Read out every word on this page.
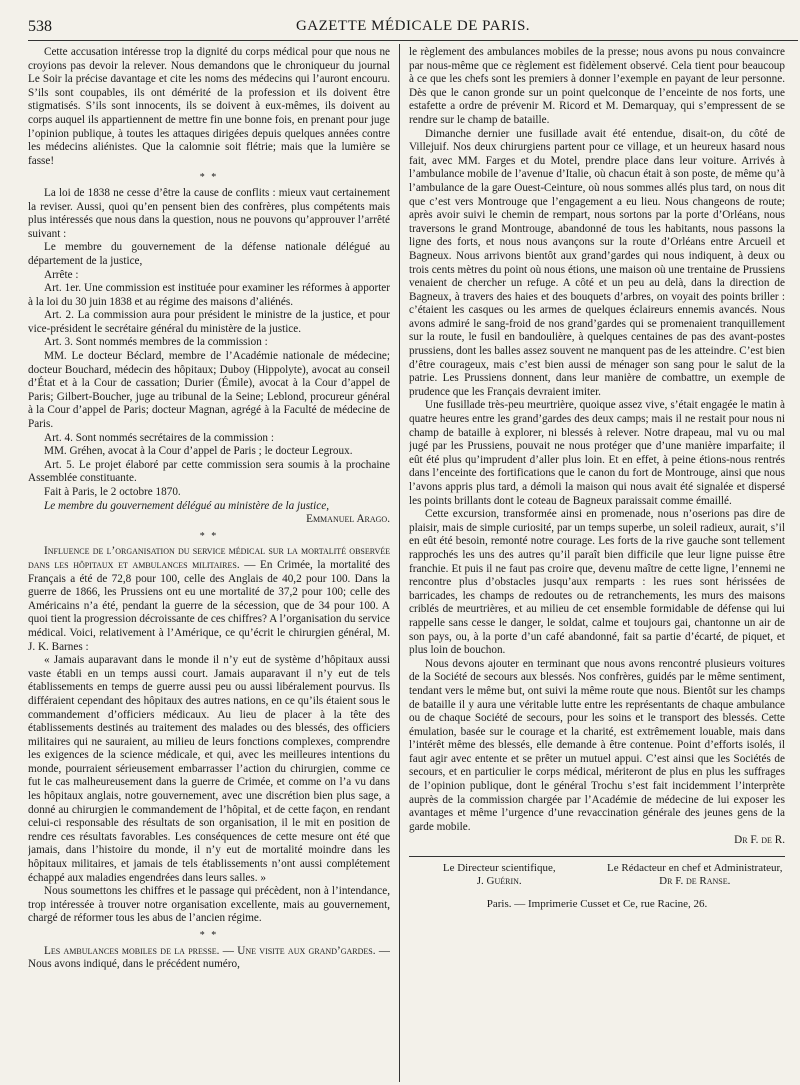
538	GAZETTE MÉDICALE DE PARIS.

Cette accusation intéresse trop la dignité du corps médical pour que nous ne croyions pas devoir la relever. Nous demandons que le chroniqueur du journal Le Soir la précise davantage et cite les noms des médecins qui l’auront encouru. S’ils sont coupables, ils ont démérité de la profession et ils doivent être stigmatisés. S’ils sont innocents, ils se doivent à eux-mêmes, ils doivent au corps auquel ils appartiennent de mettre fin une bonne fois, en prenant pour juge l’opinion publique, à toutes les attaques dirigées depuis quelques années contre les médecins aliénistes. Que la calomnie soit flétrie; mais que la lumière se fasse!

* *

La loi de 1838 ne cesse d’être la cause de conflits : mieux vaut certainement la reviser. Aussi, quoi qu’en pensent bien des confrères, plus compétents mais plus intéressés que nous dans la question, nous ne pouvons qu’approuver l’arrêté suivant :

Le membre du gouvernement de la défense nationale délégué au département de la justice,

Arrête :

Art. 1er. Une commission est instituée pour examiner les réformes à apporter à la loi du 30 juin 1838 et au régime des maisons d’aliénés.

Art. 2. La commission aura pour président le ministre de la justice, et pour vice-président le secrétaire général du ministère de la justice.

Art. 3. Sont nommés membres de la commission :

MM. Le docteur Béclard, membre de l’Académie nationale de médecine; docteur Bouchard, médecin des hôpitaux; Duboy (Hippolyte), avocat au conseil d’État et à la Cour de cassation; Durier (Émile), avocat à la Cour d’appel de Paris; Gilbert-Boucher, juge au tribunal de la Seine; Leblond, procureur général à la Cour d’appel de Paris; docteur Magnan, agrégé à la Faculté de médecine de Paris.

Art. 4. Sont nommés secrétaires de la commission :

MM. Gréhen, avocat à la Cour d’appel de Paris ; le docteur Legroux.

Art. 5. Le projet élaboré par cette commission sera soumis à la prochaine Assemblée constituante.

Fait à Paris, le 2 octobre 1870.

Le membre du gouvernement délégué au ministère de la justice,

Emmanuel Arago.

* *

Influence de l’organisation du service médical sur la mortalité observée dans les hôpitaux et ambulances militaires. — En Crimée, la mortalité des Français a été de 72,8 pour 100, celle des Anglais de 40,2 pour 100. Dans la guerre de 1866, les Prussiens ont eu une mortalité de 37,2 pour 100; celle des Américains n’a été, pendant la guerre de la sécession, que de 34 pour 100. A quoi tient la progression décroissante de ces chiffres? A l’organisation du service médical. Voici, relativement à l’Amérique, ce qu’écrit le chirurgien général, M. J. K. Barnes :

« Jamais auparavant dans le monde il n’y eut de système d’hôpitaux aussi vaste établi en un temps aussi court. Jamais auparavant il n’y eut de tels établissements en temps de guerre aussi peu ou aussi libéralement pourvus. Ils différaient cependant des hôpitaux des autres nations, en ce qu’ils étaient sous le commandement d’officiers médicaux. Au lieu de placer à la tête des établissements destinés au traitement des malades ou des blessés, des officiers militaires qui ne sauraient, au milieu de leurs fonctions complexes, comprendre les exigences de la science médicale, et qui, avec les meilleures intentions du monde, pourraient sérieusement embarrasser l’action du chirurgien, comme ce fut le cas malheureusement dans la guerre de Crimée, et comme on l’a vu dans les hôpitaux anglais, notre gouvernement, avec une discrétion bien plus sage, a donné au chirurgien le commandement de l’hôpital, et de cette façon, en rendant celui-ci responsable des résultats de son organisation, il le mit en position de rendre ces résultats favorables. Les conséquences de cette mesure ont été que jamais, dans l’histoire du monde, il n’y eut de mortalité moindre dans les hôpitaux militaires, et jamais de tels établissements n’ont aussi complétement échappé aux maladies engendrées dans leurs salles. »

Nous soumettons les chiffres et le passage qui précèdent, non à l’intendance, trop intéressée à trouver notre organisation excellente, mais au gouvernement, chargé de réformer tous les abus de l’ancien régime.

* *

Les ambulances mobiles de la presse. — Une visite aux grand’gardes. — Nous avons indiqué, dans le précédent numéro,

le règlement des ambulances mobiles de la presse; nous avons pu nous convaincre par nous-même que ce règlement est fidèlement observé. Cela tient pour beaucoup à ce que les chefs sont les premiers à donner l’exemple en payant de leur personne. Dès que le canon gronde sur un point quelconque de l’enceinte de nos forts, une estafette a ordre de prévenir M. Ricord et M. Demarquay, qui s’empressent de se rendre sur le champ de bataille.

Dimanche dernier une fusillade avait été entendue, disait-on, du côté de Villejuif. Nos deux chirurgiens partent pour ce village, et un heureux hasard nous fait, avec MM. Farges et du Motel, prendre place dans leur voiture. Arrivés à l’ambulance mobile de l’avenue d’Italie, où chacun était à son poste, de même qu’à l’ambulance de la gare Ouest-Ceinture, où nous sommes allés plus tard, on nous dit que c’est vers Montrouge que l’engagement a eu lieu. Nous changeons de route; après avoir suivi le chemin de rempart, nous sortons par la porte d’Orléans, nous traversons le grand Montrouge, abandonné de tous les habitants, nous passons la ligne des forts, et nous nous avançons sur la route d’Orléans entre Arcueil et Bagneux. Nous arrivons bientôt aux grand’gardes qui nous indiquent, à deux ou trois cents mètres du point où nous étions, une maison où une trentaine de Prussiens venaient de chercher un refuge. A côté et un peu au delà, dans la direction de Bagneux, à travers des haies et des bouquets d’arbres, on voyait des points briller : c’étaient les casques ou les armes de quelques éclaireurs ennemis avancés. Nous avons admiré le sang-froid de nos grand’gardes qui se promenaient tranquillement sur la route, le fusil en bandoulière, à quelques centaines de pas des avant-postes prussiens, dont les balles assez souvent ne manquent pas de les atteindre. C’est bien d’être courageux, mais c’est bien aussi de ménager son sang pour le salut de la patrie. Les Prussiens donnent, dans leur manière de combattre, un exemple de prudence que les Français devraient imiter.

Une fusillade très-peu meurtrière, quoique assez vive, s’était engagée le matin à quatre heures entre les grand’gardes des deux camps; mais il ne restait pour nous ni champ de bataille à explorer, ni blessés à relever. Notre drapeau, mal vu ou mal jugé par les Prussiens, pouvait ne nous protéger que d’une manière imparfaite; il eût été plus qu’imprudent d’aller plus loin. Et en effet, à peine étions-nous rentrés dans l’enceinte des fortifications que le canon du fort de Montrouge, ainsi que nous l’avons appris plus tard, a démoli la maison qui nous avait été signalée et dispersé les points brillants dont le coteau de Bagneux paraissait comme émaillé.

Cette excursion, transformée ainsi en promenade, nous n’oserions pas dire de plaisir, mais de simple curiosité, par un temps superbe, un soleil radieux, aurait, s’il en eût été besoin, remonté notre courage. Les forts de la rive gauche sont tellement rapprochés les uns des autres qu’il paraît bien difficile que leur ligne puisse être franchie. Et puis il ne faut pas croire que, devenu maître de cette ligne, l’ennemi ne rencontre plus d’obstacles jusqu’aux remparts : les rues sont hérissées de barricades, les champs de redoutes ou de retranchements, les murs des maisons criblés de meurtrières, et au milieu de cet ensemble formidable de défense qui lui rappelle sans cesse le danger, le soldat, calme et toujours gai, chantonne un air de son pays, ou, à la porte d’un café abandonné, fait sa partie d’écarté, de piquet, et plus loin de bouchon.

Nous devons ajouter en terminant que nous avons rencontré plusieurs voitures de la Société de secours aux blessés. Nos confrères, guidés par le même sentiment, tendant vers le même but, ont suivi la même route que nous. Bientôt sur les champs de bataille il y aura une véritable lutte entre les représentants de chaque ambulance ou de chaque Société de secours, pour les soins et le transport des blessés. Cette émulation, basée sur le courage et la charité, est extrêmement louable, mais dans l’intérêt même des blessés, elle demande à être contenue. Point d’efforts isolés, il faut agir avec entente et se prêter un mutuel appui. C’est ainsi que les Sociétés de secours, et en particulier le corps médical, mériteront de plus en plus les suffrages de l’opinion publique, dont le général Trochu s’est fait incidemment l’interprète auprès de la commission chargée par l’Académie de médecine de lui exposer les avantages et même l’urgence d’une revaccination générale des jeunes gens de la garde mobile.

Dr F. de R.

Le Directeur scientifique,
J. Guérin.
Le Rédacteur en chef et Administrateur,
Dr F. de Ranse.
Paris. — Imprimerie Cusset et Ce, rue Racine, 26.
